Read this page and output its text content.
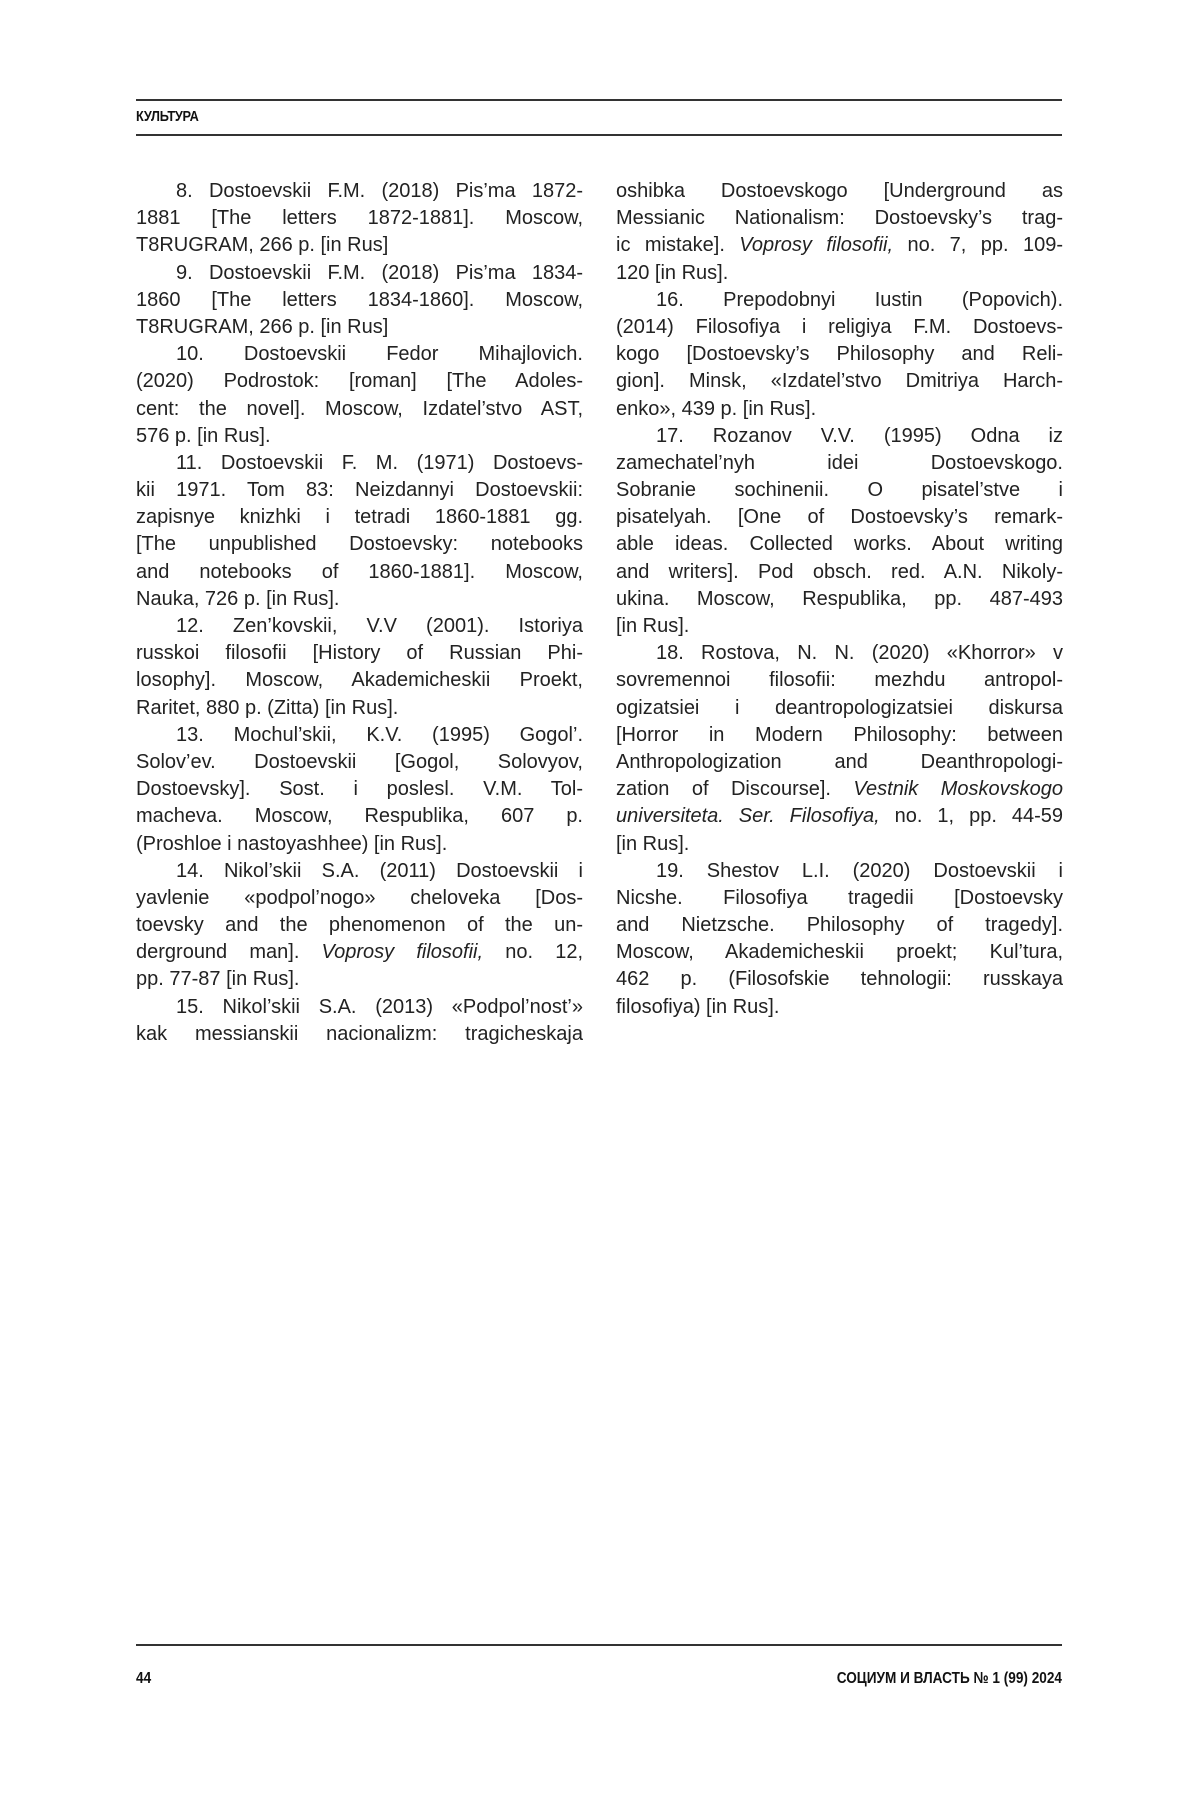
КУЛЬТУРА
8. Dostoevskii F.M. (2018) Pis’ma 1872-
1881 [The letters 1872-1881]. Moscow,
T8RUGRAM, 266 p. [in Rus]
9. Dostoevskii F.M. (2018) Pis’ma 1834-
1860 [The letters 1834-1860]. Moscow,
T8RUGRAM, 266 p. [in Rus]
10. Dostoevskii Fedor Mihajlovich.
(2020) Podrostok: [roman] [The Adoles-
cent: the novel]. Moscow, Izdatel’stvo AST,
576 p. [in Rus].
11. Dostoevskii F. M. (1971) Dostoevs-
kii 1971. Tom 83: Neizdannyi Dostoevskii:
zapisnye knizhki i tetradi 1860-1881 gg.
[The unpublished Dostoevsky: notebooks
and notebooks of 1860-1881]. Moscow,
Nauka, 726 p. [in Rus].
12. Zen’kovskii, V.V (2001). Istoriya
russkoi filosofii [History of Russian Phi-
losophy]. Moscow, Akademicheskii Proekt,
Raritet, 880 p. (Zitta) [in Rus].
13. Mochul’skii, K.V. (1995) Gogol’.
Solov’ev. Dostoevskii [Gogol, Solovyov,
Dostoevsky]. Sost. i poslesl. V.M. Tol-
macheva. Moscow, Respublika, 607 p.
(Proshloe i nastoyashhee) [in Rus].
14. Nikol’skii S.A. (2011) Dostoevskii i
yavlenie «podpol’nogo» cheloveka [Dos-
toevsky and the phenomenon of the un-
derground man]. Voprosy filosofii, no. 12,
pp. 77-87 [in Rus].
15. Nikol’skii S.A. (2013) «Podpol’nost’»
kak messianskii nacionalizm: tragicheskaja
oshibka Dostoevskogo [Underground as
Messianic Nationalism: Dostoevsky’s trag-
ic mistake]. Voprosy filosofii, no. 7, pp. 109-
120 [in Rus].
16. Prepodobnyi Iustin (Popovich).
(2014) Filosofiya i religiya F.M. Dostoevs-
kogo [Dostoevsky’s Philosophy and Reli-
gion]. Minsk, «Izdatel’stvo Dmitriya Harch-
enko», 439 p. [in Rus].
17. Rozanov V.V. (1995) Odna iz
zamechatel’nyh idei Dostoevskogo.
Sobranie sochinenii. O pisatel’stve i
pisatelyah. [One of Dostoevsky’s remark-
able ideas. Collected works. About writing
and writers]. Pod obsch. red. A.N. Nikoly-
ukina. Moscow, Respublika, pp. 487-493
[in Rus].
18. Rostova, N. N. (2020) «Khorror» v
sovremennoi filosofii: mezhdu antropol-
ogizatsiei i deantropologizatsiei diskursa
[Horror in Modern Philosophy: between
Anthropologization and Deanthropologi-
zation of Discourse]. Vestnik Moskovskogo
universiteta. Ser. Filosofiya, no. 1, pp. 44-59
[in Rus].
19. Shestov L.I. (2020) Dostoevskii i
Nicshe. Filosofiya tragedii [Dostoevsky
and Nietzsche. Philosophy of tragedy].
Moscow, Akademicheskii proekt; Kul’tura,
462 p. (Filosofskie tehnologii: russkaya
filosofiya) [in Rus].
44	СОЦИУМ И ВЛАСТЬ № 1 (99) 2024
